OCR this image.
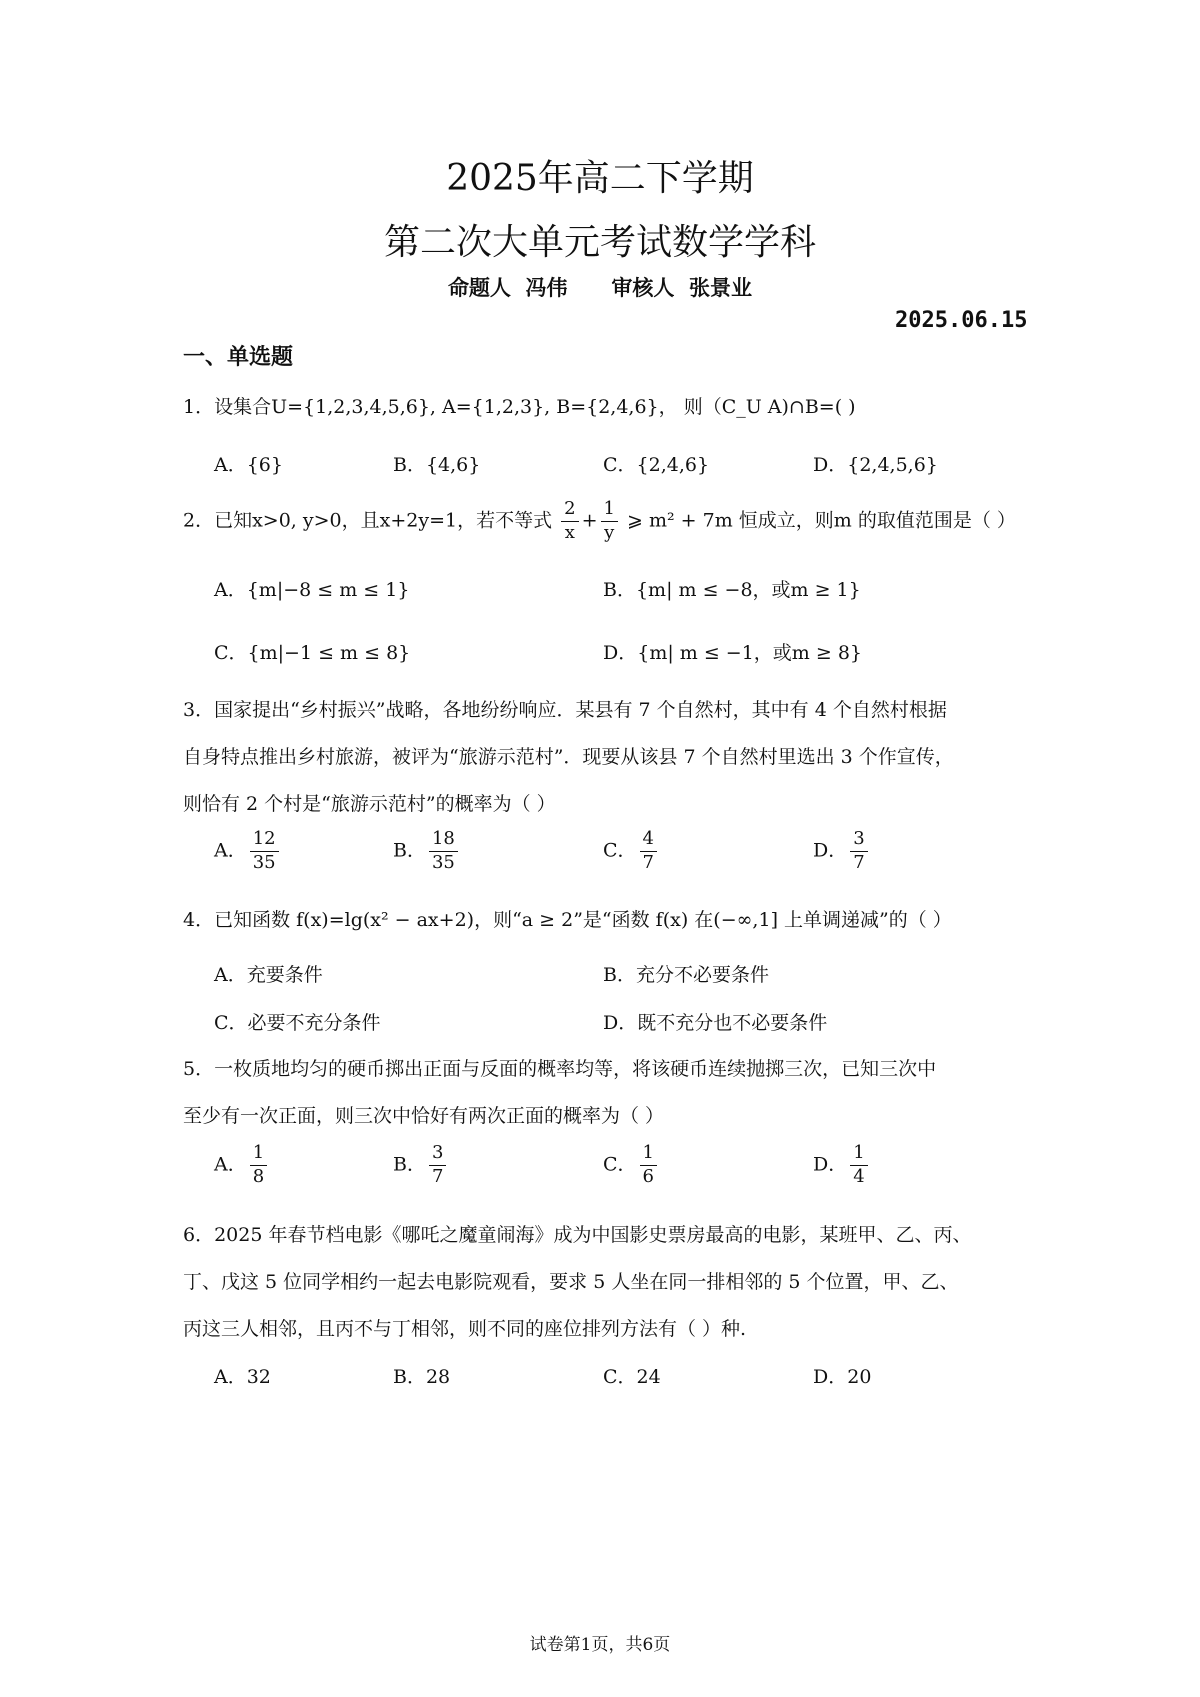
2025年高二下学期
第二次大单元考试数学学科
命题人  冯伟      审核人  张景业
2025.06.15
一、单选题
1．设集合U={1,2,3,4,5,6}, A={1,2,3}, B={2,4,6}， 则（C_U A)∩B=( )
A．{6}	B．{4,6}	C．{2,4,6}	D．{2,4,5,6}
2．已知x>0, y>0，且x+2y=1，若不等式 $\frac{2}{x} + \frac{1}{y}$ ⩾ m² + 7m 恒成立，则m 的取值范围是（ ）
A．{m|−8 ≤ m ≤ 1}	B．{m| m ≤ −8，或m ≥ 1}
C．{m|−1 ≤ m ≤ 8}	D．{m| m ≤ −1，或m ≥ 8}
3．国家提出“乡村振兴”战略，各地纷纷响应．某县有 7 个自然村，其中有 4 个自然村根据
自身特点推出乡村旅游，被评为“旅游示范村”．现要从该县 7 个自然村里选出 3 个作宣传，
则恰有 2 个村是“旅游示范村”的概率为（ ）
A． $\frac{12}{35}$	B． $\frac{18}{35}$	C． $\frac{4}{7}$	D． $\frac{3}{7}$
4．已知函数 f(x)=lg(x² − ax+2)，则“a ≥ 2”是“函数 f(x) 在(−∞,1] 上单调递减”的（ ）
A．充要条件	B．充分不必要条件
C．必要不充分条件	D．既不充分也不必要条件
5．一枚质地均匀的硬币掷出正面与反面的概率均等，将该硬币连续抛掷三次，已知三次中
至少有一次正面，则三次中恰好有两次正面的概率为（ ）
A． $\frac{1}{8}$	B． $\frac{3}{7}$	C． $\frac{1}{6}$	D． $\frac{1}{4}$
6．2025 年春节档电影《哪吒之魔童闹海》成为中国影史票房最高的电影，某班甲、乙、丙、
丁、戊这 5 位同学相约一起去电影院观看，要求 5 人坐在同一排相邻的 5 个位置，甲、乙、
丙这三人相邻，且丙不与丁相邻，则不同的座位排列方法有（ ）种.
A．32	B．28	C．24	D．20
试卷第1页，共6页
